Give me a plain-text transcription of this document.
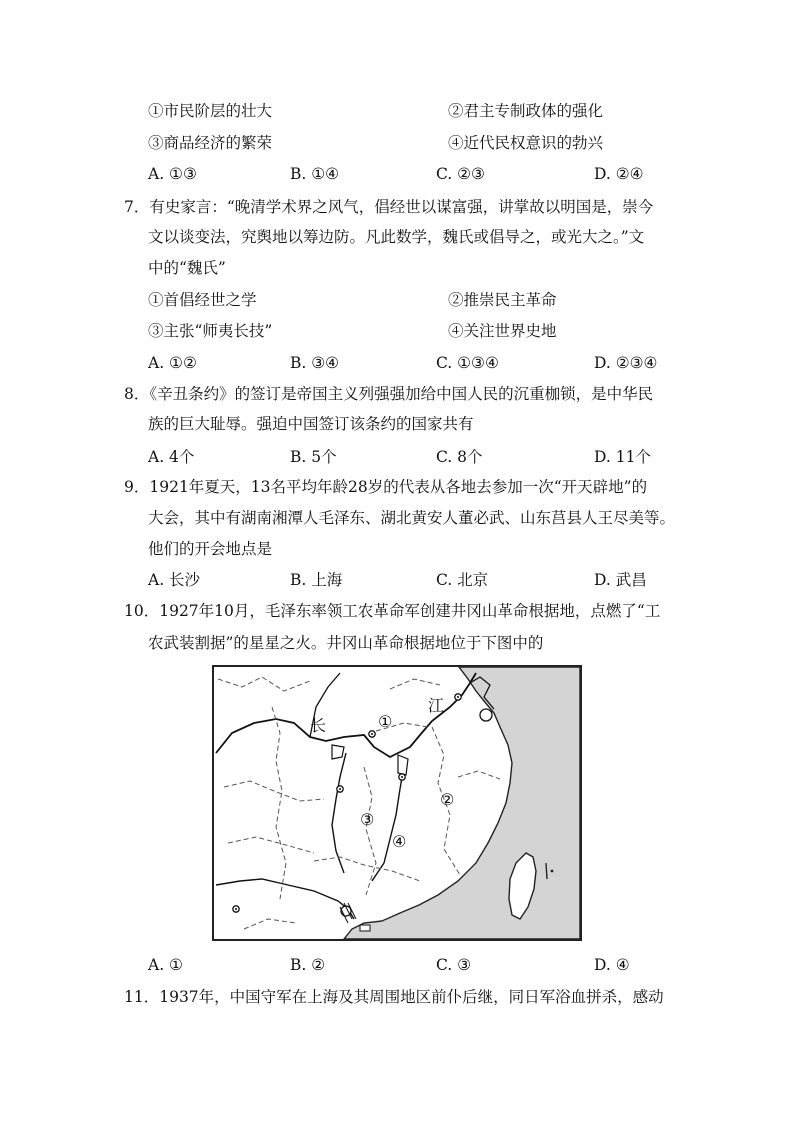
①市民阶层的壮大	②君主专制政体的强化
③商品经济的繁荣	④近代民权意识的勃兴
A. ①③	B. ①④	C. ②③	D. ②④
7．有史家言：“晚清学术界之风气，倡经世以谋富强，讲掌故以明国是，崇今
文以谈变法，究舆地以筹边防。凡此数学，魏氏或倡导之，或光大之。”文
中的“魏氏”
①首倡经世之学	②推崇民主革命
③主张“师夷长技”	④关注世界史地
A. ①②	B. ③④	C. ①③④	D. ②③④
8．《辛丑条约》的签订是帝国主义列强强加给中国人民的沉重枷锁，是中华民
族的巨大耻辱。强迫中国签订该条约的国家共有
A. 4个	B. 5个	C. 8个	D. 11个
9．1921年夏天，13名平均年龄28岁的代表从各地去参加一次“开天辟地”的
大会，其中有湖南湘潭人毛泽东、湖北黄安人董必武、山东莒县人王尽美等。
他们的开会地点是
A. 长沙	B. 上海	C. 北京	D. 武昌
10．1927年10月，毛泽东率领工农革命军创建井冈山革命根据地，点燃了“工
农武装割据”的星星之火。井冈山革命根据地位于下图中的
长
江
①
②
③
④
A. ①	B. ②	C. ③	D. ④
11．1937年，中国守军在上海及其周围地区前仆后继，同日军浴血拼杀，感动
